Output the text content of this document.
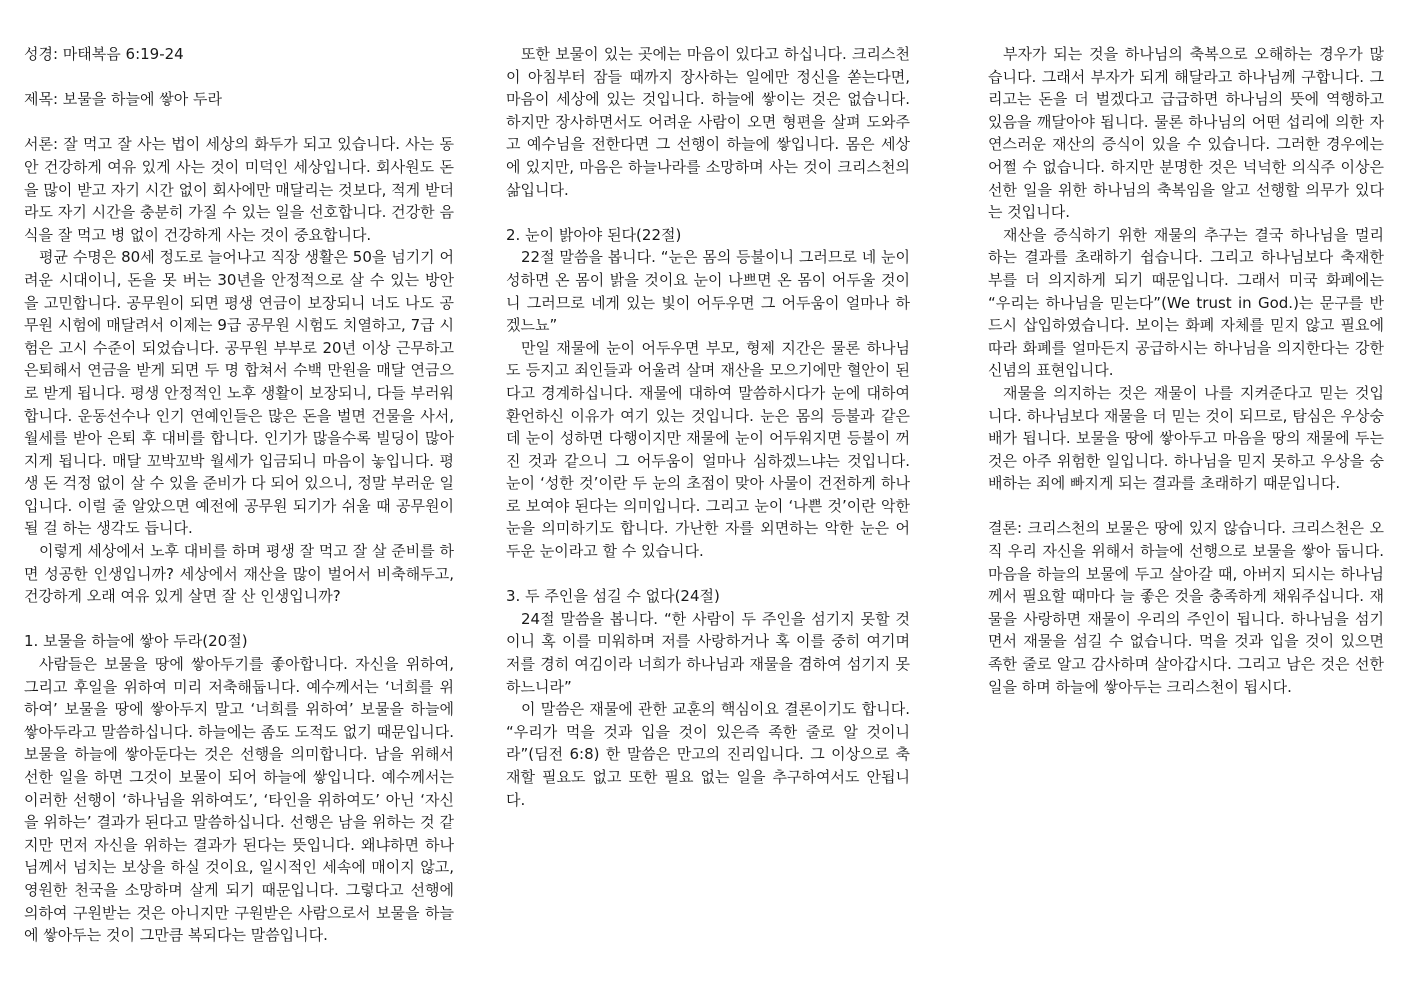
성경: 마태복음 6:19-24
제목: 보물을 하늘에 쌓아 두라

서론: 잘 먹고 잘 사는 법이 세상의 화두가 되고 있습니다. 사는 동안 건강하게 여유 있게 사는 것이 미덕인 세상입니다. 회사원도 돈을 많이 받고 자기 시간 없이 회사에만 매달리는 것보다, 적게 받더라도 자기 시간을 충분히 가질 수 있는 일을 선호합니다. 건강한 음식을 잘 먹고 병 없이 건강하게 사는 것이 중요합니다.

평균 수명은 80세 정도로 늘어나고 직장 생활은 50을 넘기기 어려운 시대이니, 돈을 못 버는 30년을 안정적으로 살 수 있는 방안을 고민합니다. 공무원이 되면 평생 연금이 보장되니 너도 나도 공무원 시험에 매달려서 이제는 9급 공무원 시험도 치열하고, 7급 시험은 고시 수준이 되었습니다. 공무원 부부로 20년 이상 근무하고 은퇴해서 연금을 받게 되면 두 명 합쳐서 수백 만원을 매달 연금으로 받게 됩니다. 평생 안정적인 노후 생활이 보장되니, 다들 부러워합니다. 운동선수나 인기 연예인들은 많은 돈을 벌면 건물을 사서, 월세를 받아 은퇴 후 대비를 합니다. 인기가 많을수록 빌딩이 많아지게 됩니다. 매달 꼬박꼬박 월세가 입금되니 마음이 놓입니다. 평생 돈 걱정 없이 살 수 있을 준비가 다 되어 있으니, 정말 부러운 일입니다. 이럴 줄 알았으면 예전에 공무원 되기가 쉬울 때 공무원이 될 걸 하는 생각도 듭니다.

이렇게 세상에서 노후 대비를 하며 평생 잘 먹고 잘 살 준비를 하면 성공한 인생입니까? 세상에서 재산을 많이 벌어서 비축해두고, 건강하게 오래 여유 있게 살면 잘 산 인생입니까?

1. 보물을 하늘에 쌓아 두라(20절)

사람들은 보물을 땅에 쌓아두기를 좋아합니다. 자신을 위하여, 그리고 후일을 위하여 미리 저축해둡니다. 예수께서는 ‘너희를 위하여’ 보물을 땅에 쌓아두지 말고 ‘너희를 위하여’ 보물을 하늘에 쌓아두라고 말씀하십니다. 하늘에는 좀도 도적도 없기 때문입니다. 보물을 하늘에 쌓아둔다는 것은 선행을 의미합니다. 남을 위해서 선한 일을 하면 그것이 보물이 되어 하늘에 쌓입니다. 예수께서는 이러한 선행이 ‘하나님을 위하여도’, ‘타인을 위하여도’ 아닌 ‘자신을 위하는’ 결과가 된다고 말씀하십니다. 선행은 남을 위하는 것 같지만 먼저 자신을 위하는 결과가 된다는 뜻입니다. 왜냐하면 하나님께서 넘치는 보상을 하실 것이요, 일시적인 세속에 매이지 않고, 영원한 천국을 소망하며 살게 되기 때문입니다. 그렇다고 선행에 의하여 구원받는 것은 아니지만 구원받은 사람으로서 보물을 하늘에 쌓아두는 것이 그만큼 복되다는 말씀입니다.

또한 보물이 있는 곳에는 마음이 있다고 하십니다. 크리스천이 아침부터 잠들 때까지 장사하는 일에만 정신을 쏟는다면, 마음이 세상에 있는 것입니다. 하늘에 쌓이는 것은 없습니다. 하지만 장사하면서도 어려운 사람이 오면 형편을 살펴 도와주고 예수님을 전한다면 그 선행이 하늘에 쌓입니다. 몸은 세상에 있지만, 마음은 하늘나라를 소망하며 사는 것이 크리스천의 삶입니다.

2. 눈이 밝아야 된다(22절)

22절 말씀을 봅니다. “눈은 몸의 등불이니 그러므로 네 눈이 성하면 온 몸이 밝을 것이요 눈이 나쁘면 온 몸이 어두울 것이니 그러므로 네게 있는 빛이 어두우면 그 어두움이 얼마나 하겠느뇨”

만일 재물에 눈이 어두우면 부모, 형제 지간은 물론 하나님도 등지고 죄인들과 어울려 살며 재산을 모으기에만 혈안이 된다고 경계하십니다. 재물에 대하여 말씀하시다가 눈에 대하여 환언하신 이유가 여기 있는 것입니다. 눈은 몸의 등불과 같은데 눈이 성하면 다행이지만 재물에 눈이 어두워지면 등불이 꺼진 것과 같으니 그 어두움이 얼마나 심하겠느냐는 것입니다. 눈이 ‘성한 것’이란 두 눈의 초점이 맞아 사물이 건전하게 하나로 보여야 된다는 의미입니다. 그리고 눈이 ‘나쁜 것’이란 악한 눈을 의미하기도 합니다. 가난한 자를 외면하는 악한 눈은 어두운 눈이라고 할 수 있습니다.

3. 두 주인을 섬길 수 없다(24절)

24절 말씀을 봅니다. “한 사람이 두 주인을 섬기지 못할 것이니 혹 이를 미워하며 저를 사랑하거나 혹 이를 중히 여기며 저를 경히 여김이라 너희가 하나님과 재물을 겸하여 섬기지 못하느니라”

이 말씀은 재물에 관한 교훈의 핵심이요 결론이기도 합니다. “우리가 먹을 것과 입을 것이 있은즉 족한 줄로 알 것이니라”(딤전 6:8) 한 말씀은 만고의 진리입니다. 그 이상으로 축재할 필요도 없고 또한 필요 없는 일을 추구하여서도 안됩니다.

부자가 되는 것을 하나님의 축복으로 오해하는 경우가 많습니다. 그래서 부자가 되게 해달라고 하나님께 구합니다. 그리고는 돈을 더 벌겠다고 급급하면 하나님의 뜻에 역행하고 있음을 깨달아야 됩니다. 물론 하나님의 어떤 섭리에 의한 자연스러운 재산의 증식이 있을 수 있습니다. 그러한 경우에는 어쩔 수 없습니다. 하지만 분명한 것은 넉넉한 의식주 이상은 선한 일을 위한 하나님의 축복임을 알고 선행할 의무가 있다는 것입니다.

재산을 증식하기 위한 재물의 추구는 결국 하나님을 멀리하는 결과를 초래하기 쉽습니다. 그리고 하나님보다 축재한 부를 더 의지하게 되기 때문입니다. 그래서 미국 화폐에는 “우리는 하나님을 믿는다”(We trust in God.)는 문구를 반드시 삽입하였습니다. 보이는 화폐 자체를 믿지 않고 필요에 따라 화폐를 얼마든지 공급하시는 하나님을 의지한다는 강한 신념의 표현입니다.

재물을 의지하는 것은 재물이 나를 지켜준다고 믿는 것입니다. 하나님보다 재물을 더 믿는 것이 되므로, 탐심은 우상숭배가 됩니다. 보물을 땅에 쌓아두고 마음을 땅의 재물에 두는 것은 아주 위험한 일입니다. 하나님을 믿지 못하고 우상을 숭배하는 죄에 빠지게 되는 결과를 초래하기 때문입니다.

결론: 크리스천의 보물은 땅에 있지 않습니다. 크리스천은 오직 우리 자신을 위해서 하늘에 선행으로 보물을 쌓아 둡니다. 마음을 하늘의 보물에 두고 살아갈 때, 아버지 되시는 하나님께서 필요할 때마다 늘 좋은 것을 충족하게 채워주십니다. 재물을 사랑하면 재물이 우리의 주인이 됩니다. 하나님을 섬기면서 재물을 섬길 수 없습니다. 먹을 것과 입을 것이 있으면 족한 줄로 알고 감사하며 살아갑시다. 그리고 남은 것은 선한 일을 하며 하늘에 쌓아두는 크리스천이 됩시다.
